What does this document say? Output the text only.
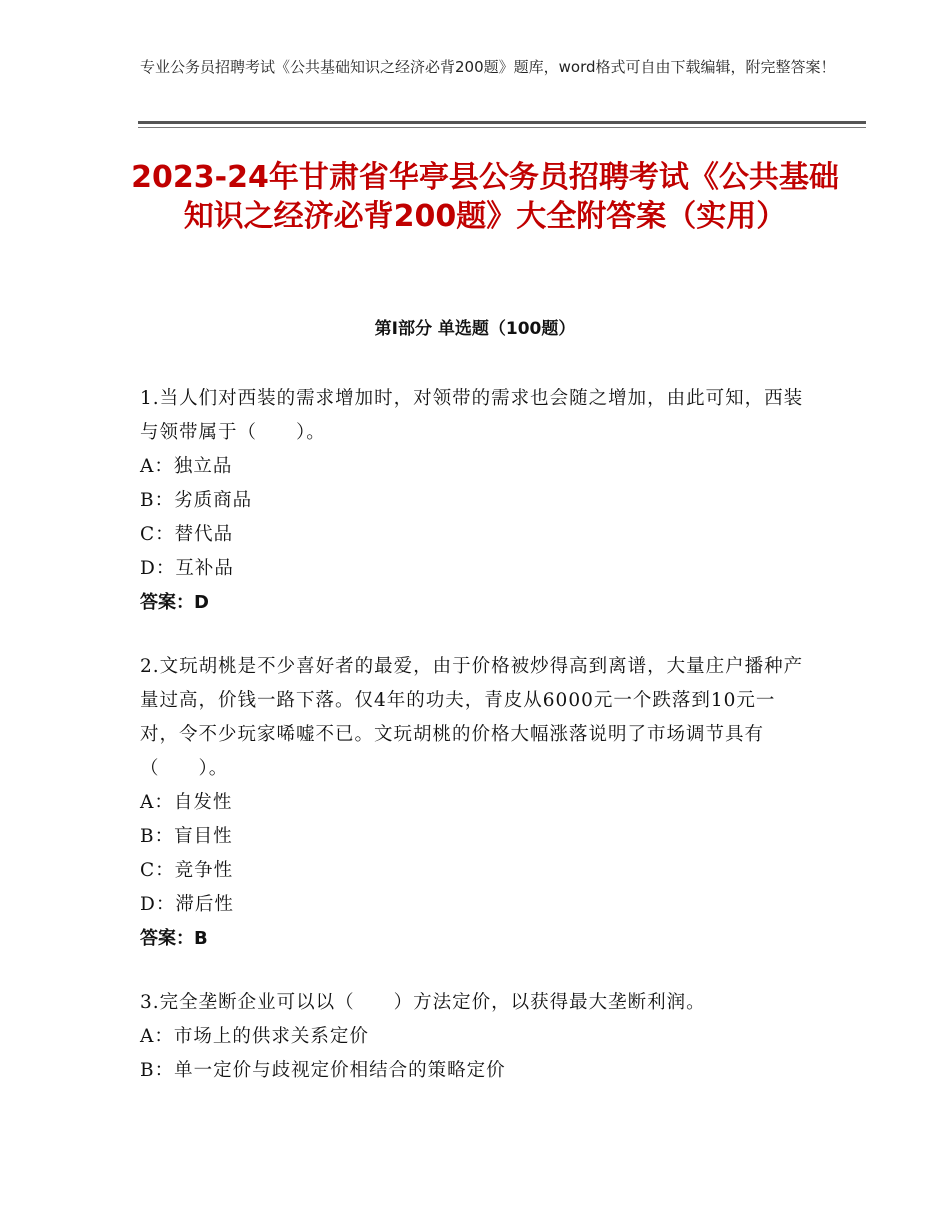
专业公务员招聘考试《公共基础知识之经济必背200题》题库，word格式可自由下载编辑，附完整答案！
2023-24年甘肃省华亭县公务员招聘考试《公共基础知识之经济必背200题》大全附答案（实用）
第Ⅰ部分 单选题（100题）
1.当人们对西装的需求增加时，对领带的需求也会随之增加，由此可知，西装与领带属于（　　）。
A：独立品
B：劣质商品
C：替代品
D：互补品
答案：D
2.文玩胡桃是不少喜好者的最爱，由于价格被炒得高到离谱，大量庄户播种产量过高，价钱一路下落。仅4年的功夫，青皮从6000元一个跌落到10元一对，令不少玩家唏嘘不已。文玩胡桃的价格大幅涨落说明了市场调节具有（　　）。
A：自发性
B：盲目性
C：竞争性
D：滞后性
答案：B
3.完全垄断企业可以以（　　）方法定价，以获得最大垄断利润。
A：市场上的供求关系定价
B：单一定价与歧视定价相结合的策略定价
